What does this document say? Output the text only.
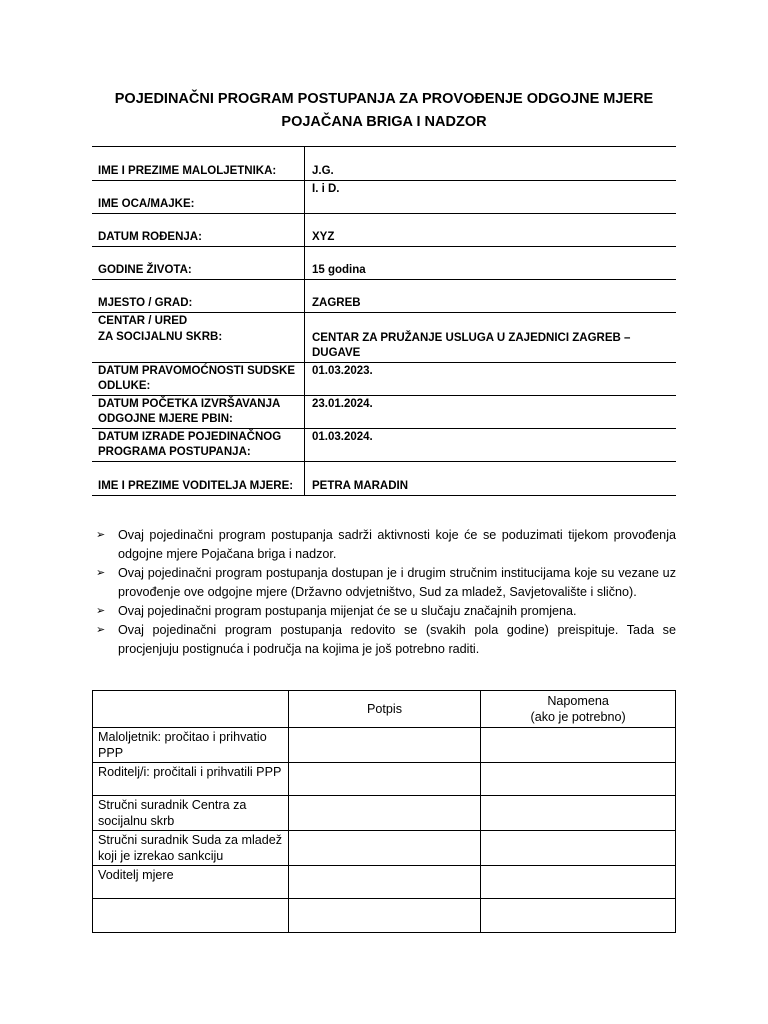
POJEDINAČNI PROGRAM POSTUPANJA ZA PROVOĐENJE ODGOJNE MJERE
POJAČANA BRIGA I NADZOR
IME I PREZIME MALOLJETNIKA:	J.G.
IME OCA/MAJKE:
I. i D.
DATUM ROĐENJA:	XYZ
GODINE ŽIVOTA:	15 godina
MJESTO / GRAD:	ZAGREB
CENTAR / URED
ZA SOCIJALNU SKRB:	CENTAR ZA PRUŽANJE USLUGA U ZAJEDNICI ZAGREB – DUGAVE
DATUM PRAVOMOĆNOSTI SUDSKE ODLUKE:
01.03.2023.
DATUM POČETKA IZVRŠAVANJA ODGOJNE MJERE PBIN:
23.01.2024.
DATUM IZRADE POJEDINAČNOG PROGRAMA POSTUPANJA:
01.03.2024.
IME I PREZIME VODITELJA MJERE:	PETRA MARADIN
➢	Ovaj pojedinačni program postupanja sadrži aktivnosti koje će se poduzimati tijekom provođenja odgojne mjere Pojačana briga i nadzor.
➢	Ovaj pojedinačni program postupanja dostupan je i drugim stručnim institucijama koje su vezane uz provođenje ove odgojne mjere (Državno odvjetništvo, Sud za mladež, Savjetovalište i slično).
➢	Ovaj pojedinačni program postupanja mijenjat će se u slučaju značajnih promjena.
➢	Ovaj pojedinačni program postupanja redovito se (svakih pola godine) preispituje. Tada se procjenjuju postignuća i područja na kojima je još potrebno raditi.
	Potpis	Napomena
(ako je potrebno)

Maloljetnik: pročitao i prihvatio PPP		
Roditelj/i: pročitali i prihvatili PPP		
Stručni suradnik Centra za socijalnu skrb		
Stručni suradnik Suda za mladež koji je izrekao sankciju		
Voditelj mjere		
